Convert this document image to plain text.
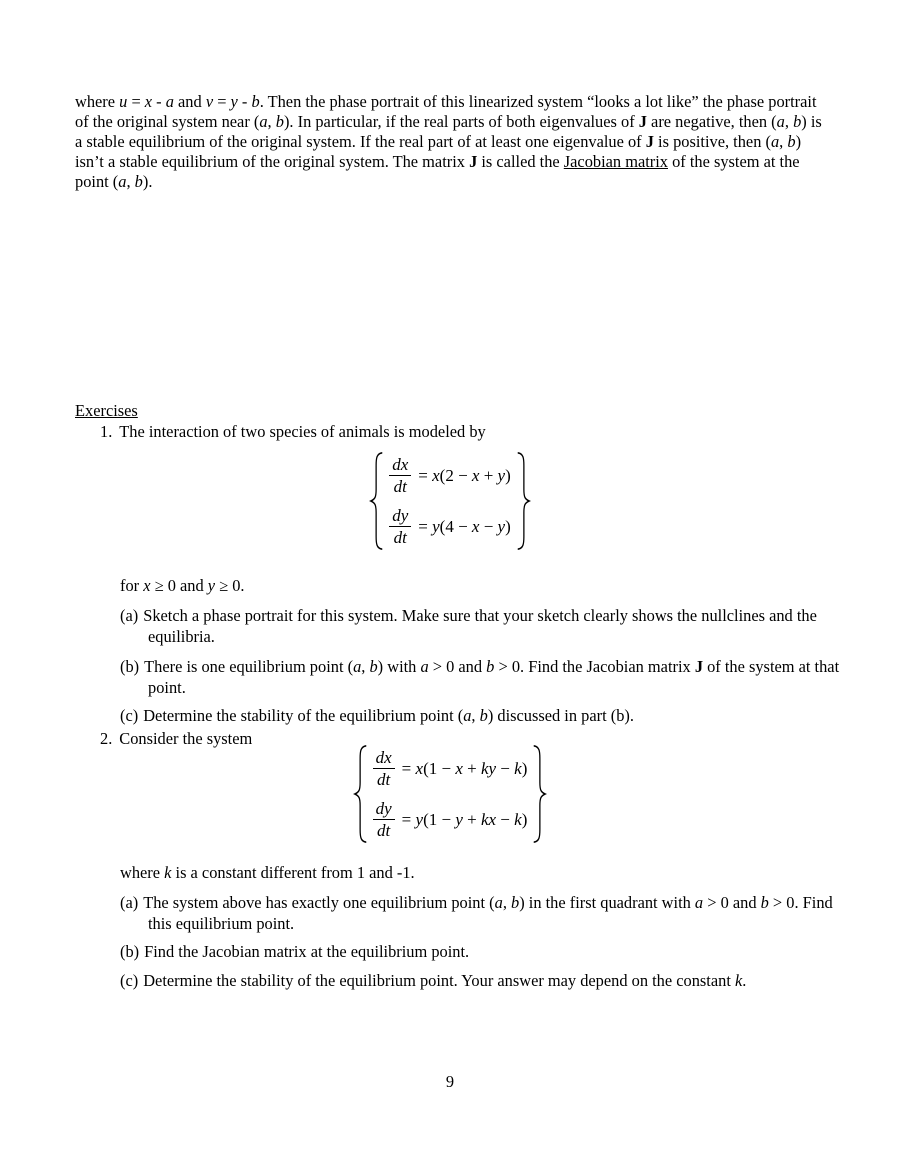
where u = x - a and v = y - b. Then the phase portrait of this linearized system “looks a lot like” the phase portrait of the original system near (a, b). In particular, if the real parts of both eigenvalues of J are negative, then (a, b) is a stable equilibrium of the original system. If the real part of at least one eigenvalue of J is positive, then (a, b) isn’t a stable equilibrium of the original system. The matrix J is called the Jacobian matrix of the system at the point (a, b).

Exercises
1. The interaction of two species of animals is modeled by
$\frac{dx}{dt} = x(2 - x + y)$
$\frac{dy}{dt} = y(4 - x - y)$

for x ≥ 0 and y ≥ 0.

(a) Sketch a phase portrait for this system. Make sure that your sketch clearly shows the nullclines and the equilibria.

(b) There is one equilibrium point (a, b) with a > 0 and b > 0. Find the Jacobian matrix J of the system at that point.

(c) Determine the stability of the equilibrium point (a, b) discussed in part (b).

2. Consider the system
$\frac{dx}{dt} = x(1 - x$ + ky − k)
$\frac{dy}{dt} = y(1 - y$ + kx − k)

where k is a constant different from 1 and -1.

(a) The system above has exactly one equilibrium point (a, b) in the first quadrant with a > 0 and b > 0. Find this equilibrium point.

(b) Find the Jacobian matrix at the equilibrium point.

(c) Determine the stability of the equilibrium point. Your answer may depend on the constant k.

9
